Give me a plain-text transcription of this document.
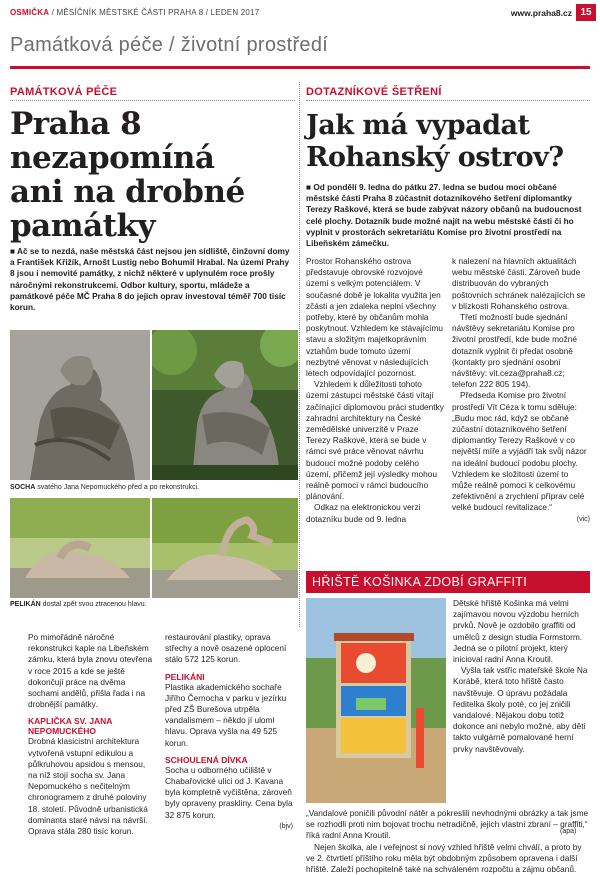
OSMIČKA / MĚSÍČNÍK MĚSTSKÉ ČÁSTI PRAHA 8 / LEDEN 2017	www.praha8.cz 15
Památková péče / životní prostředí
PAMÁTKOVÁ PÉČE
Praha 8
nezapomíná
ani na drobné
památky
■ Ač se to nezdá, naše městská část nejsou jen sídliště, činžovní domy a František Křižík, Arnošt Lustig nebo Bohumil Hrabal. Na území Prahy 8 jsou i nemovité památky, z nichž některé v uplynulém roce prošly náročnými rekonstrukcemi. Odbor kultury, sportu, mládeže a památkové péče MČ Praha 8 do jejich oprav investoval téměř 700 tisíc korun.
SOCHA svatého Jana Nepomuckého před a po rekonstrukci.
PELIKÁN dostal zpět svou ztracenou hlavu.

Po mimořádně náročné rekonstrukci kaple na Libeňském zámku, která byla znovu otevřena v roce 2015 a kde se ještě dokončují práce na dvěma sochami andělů, přišla řada i na drobnější památky.

KAPLIČKA SV. JANA NEPOMUCKÉHO

Drobná klasicistní architektura vytvořená vstupní edikulou a půlkruhovou apsidou s mensou, na níž stojí socha sv. Jana Nepomuckého s nečitelným chronogramem z druhé poloviny 18. století. Původně urbanistická dominanta staré návsi na návrší. Oprava stála 280 tisíc korun.

restaurování plastiky, oprava střechy a nově osazené oplocení stálo 572 125 korun.

PELIKÁNI

Plastika akademického sochaře Jiřího Černocha v parku v jezírku před ZŠ Burešova utrpěla vandalismem – někdo jí uloml hlavu. Oprava vyšla na 49 525 korun.

SCHOULENÁ DÍVKA

Socha u odborného učiliště v Chabařovické ulici od J. Kavana byla kompletně vyčištěna, zároveň byly opraveny praskliny. Cena byla 32 875 korun.

(bjv)
DOTAZNÍKOVÉ ŠETŘENÍ
Jak má vypadat
Rohanský ostrov?
■ Od pondělí 9. ledna do pátku 27. ledna se budou moci občané městské části Praha 8 zúčastnit dotazníkového šetření diplomantky Terezy Raškové, která se bude zabývat názory občanů na budoucnost celé plochy. Dotazník bude možné najít na webu městské části či ho vyplnit v prostorách sekretariátu Komise pro životní prostředí na Libeňském zámečku.

Prostor Rohanského ostrova představuje obrovské rozvojové území s velkým potenciálem. V současné době je lokalita využita jen zčásti a jen zdaleka neplní všechny potřeby, které by občanům mohla poskytnout. Vzhledem ke stávajícímu stavu a složitým majetkoprávním vztahům bude tomuto území nezbytné věnovat v následujících letech odpovídající pozornost.

Vzhledem k důležitosti tohoto území zástupci městské části vítají začínající diplomovou práci studentky zahradní architektury na České zemědělské univerzitě v Praze Terezy Raškové, která se bude v rámci své práce věnovat návrhu budoucí možné podoby celého území, přičemž její výsledky mohou reálně pomoci v rámci budoucího plánování.

Odkaz na elektronickou verzi dotazníku bude od 9. ledna

k nalezení na hlavních aktualitách webu městské části. Zároveň bude distribuován do vybraných poštovních schránek nalézajících se v blízkosti Rohanského ostrova.

Třetí možností bude sjednání návštěvy sekretariátu Komise pro životní prostředí, kde bude možné dotazník vyplnit či předat osobně (kontakty pro sjednání osobní návštěvy: vit.ceza@praha8.cz; telefon 222 805 194).

Předseda Komise pro životní prostředí Vít Céza k tomu sděluje: „Budu moc rád, když se občané zúčastní dotazníkového šetření diplomantky Terezy Raškové v co největší míře a vyjádří tak svůj názor na ideální budoucí podobu plochy. Vzhledem ke složitosti území to může reálně pomoci k celkovému zefektivnění a zrychlení příprav celé velké budoucí revitalizace.“

(vic)
HŘIŠTĚ KOŠINKA ZDOBÍ GRAFFITI

Dětské hřiště Košinka má velmi zajímavou novou výzdobu herních prvků. Nově je ozdobilo graffiti od umělců z design studia Formstorm. Jedná se o pilotní projekt, který inicioval radní Anna Kroutil.

Vyšla tak vstříc mateřské škole Na Korábě, která toto hřiště často navštěvuje. O úpravu požádala ředitelka školy poté, co jej zničili vandalové. Nějakou dobu totiž dokonce ani nebylo možné, aby děti takto vulgárně pomalované herní prvky navštěvovaly.

„Vandalové poničili původní nátěr a pokreslili nevhodnými obrázky a tak jsme se rozhodli proti nim bojovat trochu netradičně, jejich vlastní zbraní – graffiti,“ říká radní Anna Kroutil.

Nejen školka, ale i veřejnost si nový vzhled hřiště velmi chválí, a proto by ve 2. čtvrtletí příštího roku měla být obdobným způsobem opravena i další hřiště. Zaleží pochopitelně také na schváleném rozpočtu a zájmu občanů.

(apa)
